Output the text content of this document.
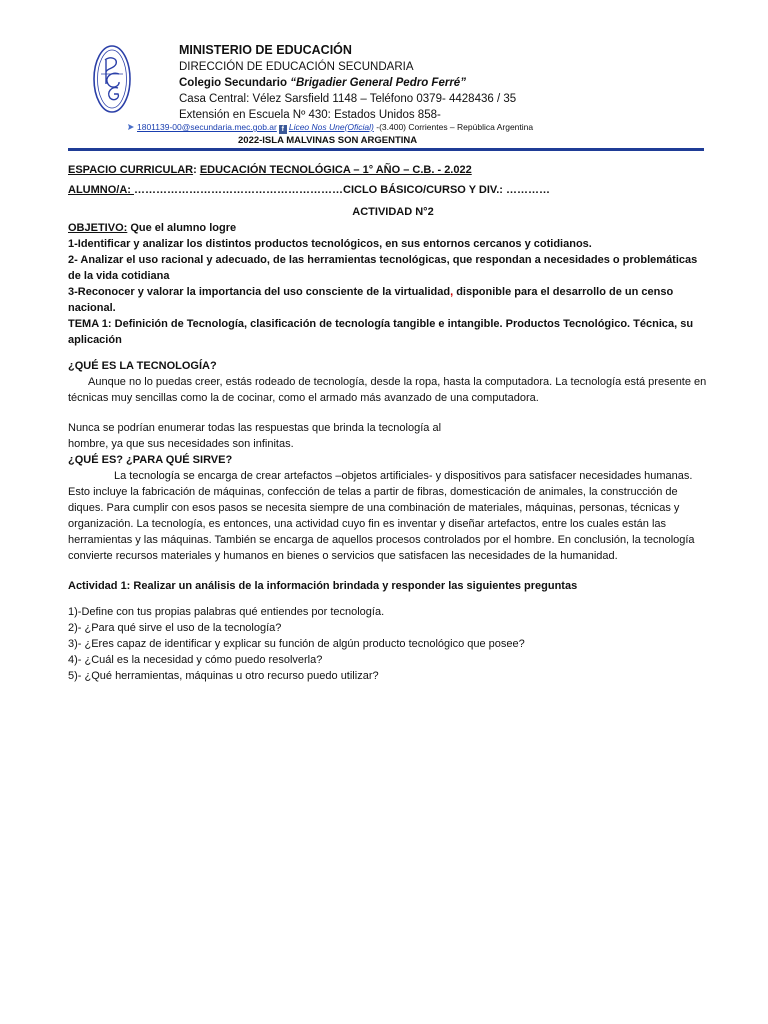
MINISTERIO DE EDUCACIÓN
DIRECCIÓN DE EDUCACIÓN SECUNDARIA
Colegio Secundario “Brigadier General Pedro Ferré”
Casa Central: Vélez Sarsfield 1148 – Teléfono 0379- 4428436 / 35
Extensión en Escuela Nº 430: Estados Unidos 858-
1801139-00@secundaria.mec.gob.ar f Liceo Nos Une(Oficial) -(3.400) Corrientes – República Argentina
2022-ISLA MALVINAS SON ARGENTINA

ESPACIO CURRICULAR: EDUCACIÓN TECNOLÓGICA – 1° AÑO – C.B. - 2.022

ALUMNO/A: …………………………………………………CICLO BÁSICO/CURSO Y DIV.: …………

ACTIVIDAD N°2

OBJETIVO: Que el alumno logre

1-Identificar y analizar los distintos productos tecnológicos, en sus entornos cercanos y cotidianos.

2- Analizar el uso racional y adecuado, de las herramientas tecnológicas, que respondan a necesidades o problemáticas de la vida cotidiana

3-Reconocer y valorar la importancia del uso consciente de la virtualidad, disponible para el desarrollo de un censo nacional.

TEMA 1: Definición de Tecnología, clasificación de tecnología tangible e intangible. Productos Tecnológico. Técnica, su aplicación

¿QUÉ ES LA TECNOLOGÍA?

Aunque no lo puedas creer, estás rodeado de tecnología, desde la ropa, hasta la computadora. La tecnología está presente en técnicas muy sencillas como la de cocinar, como el armado más avanzado de una computadora.

Nunca se podrían enumerar todas las respuestas que brinda la tecnología al hombre, ya que sus necesidades son infinitas.

¿QUÉ ES? ¿PARA QUÉ SIRVE?

La tecnología se encarga de crear artefactos –objetos artificiales- y dispositivos para satisfacer necesidades humanas. Esto incluye la fabricación de máquinas, confección de telas a partir de fibras, domesticación de animales, la construcción de diques. Para cumplir con esos pasos se necesita siempre de una combinación de materiales, máquinas, personas, técnicas y organización. La tecnología, es entonces, una actividad cuyo fin es inventar y diseñar artefactos, entre los cuales están las herramientas y las máquinas. También se encarga de aquellos procesos controlados por el hombre. En conclusión, la tecnología convierte recursos materiales y humanos en bienes o servicios que satisfacen las necesidades de la humanidad.

Actividad 1: Realizar un análisis de la información brindada y responder las siguientes preguntas

1)-Define con tus propias palabras qué entiendes por tecnología.

2)- ¿Para qué sirve el uso de la tecnología?

3)- ¿Eres capaz de identificar y explicar su función de algún producto tecnológico que posee?

4)- ¿Cuál es la necesidad y cómo puedo resolverla?

5)- ¿Qué herramientas, máquinas u otro recurso puedo utilizar?
